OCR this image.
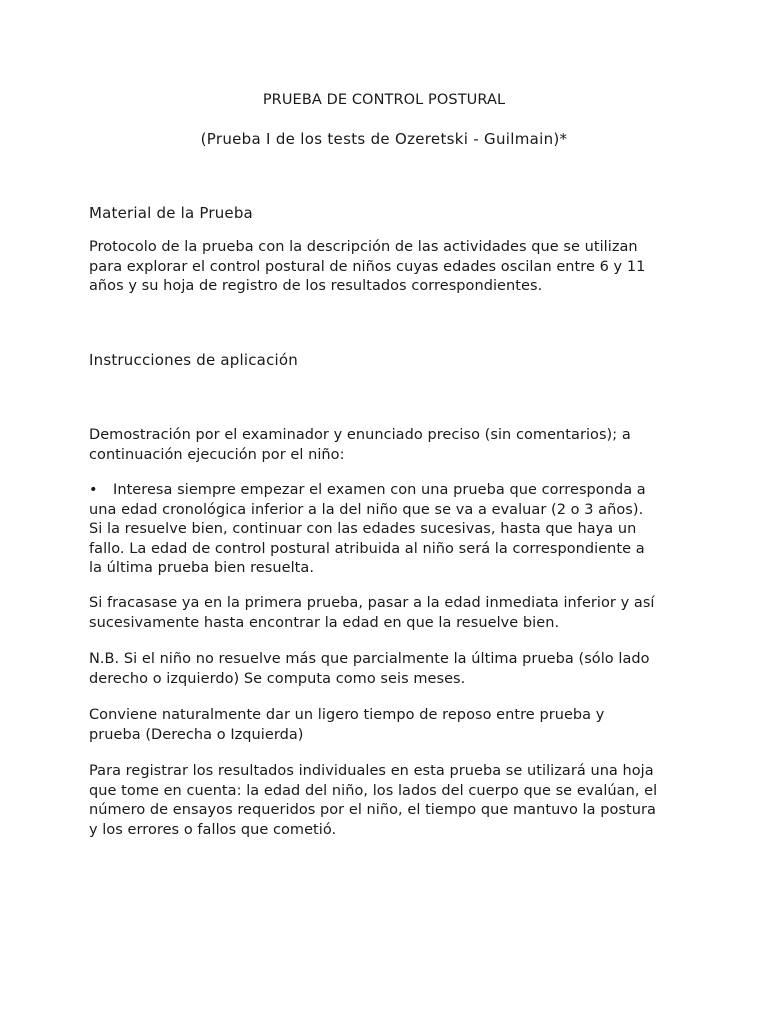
PRUEBA DE CONTROL POSTURAL
(Prueba I de los tests de Ozeretski - Guilmain)*
Material de la Prueba

Protocolo de la prueba con la descripción de las actividades que se utilizan
para explorar el control postural de niños cuyas edades oscilan entre 6 y 11
años y su hoja de registro de los resultados correspondientes.

Instrucciones de aplicación

Demostración por el examinador y enunciado preciso (sin comentarios); a
continuación ejecución por el niño:

• Interesa siempre empezar el examen con una prueba que corresponda a
una edad cronológica inferior a la del niño que se va a evaluar (2 o 3 años).
Si la resuelve bien, continuar con las edades sucesivas, hasta que haya un
fallo. La edad de control postural atribuida al niño será la correspondiente a
la última prueba bien resuelta.

Si fracasase ya en la primera prueba, pasar a la edad inmediata inferior y así
sucesivamente hasta encontrar la edad en que la resuelve bien.

N.B. Si el niño no resuelve más que parcialmente la última prueba (sólo lado
derecho o izquierdo) Se computa como seis meses.

Conviene naturalmente dar un ligero tiempo de reposo entre prueba y
prueba (Derecha o Izquierda)

Para registrar los resultados individuales en esta prueba se utilizará una hoja
que tome en cuenta: la edad del niño, los lados del cuerpo que se evalúan, el
número de ensayos requeridos por el niño, el tiempo que mantuvo la postura
y los errores o fallos que cometió.
